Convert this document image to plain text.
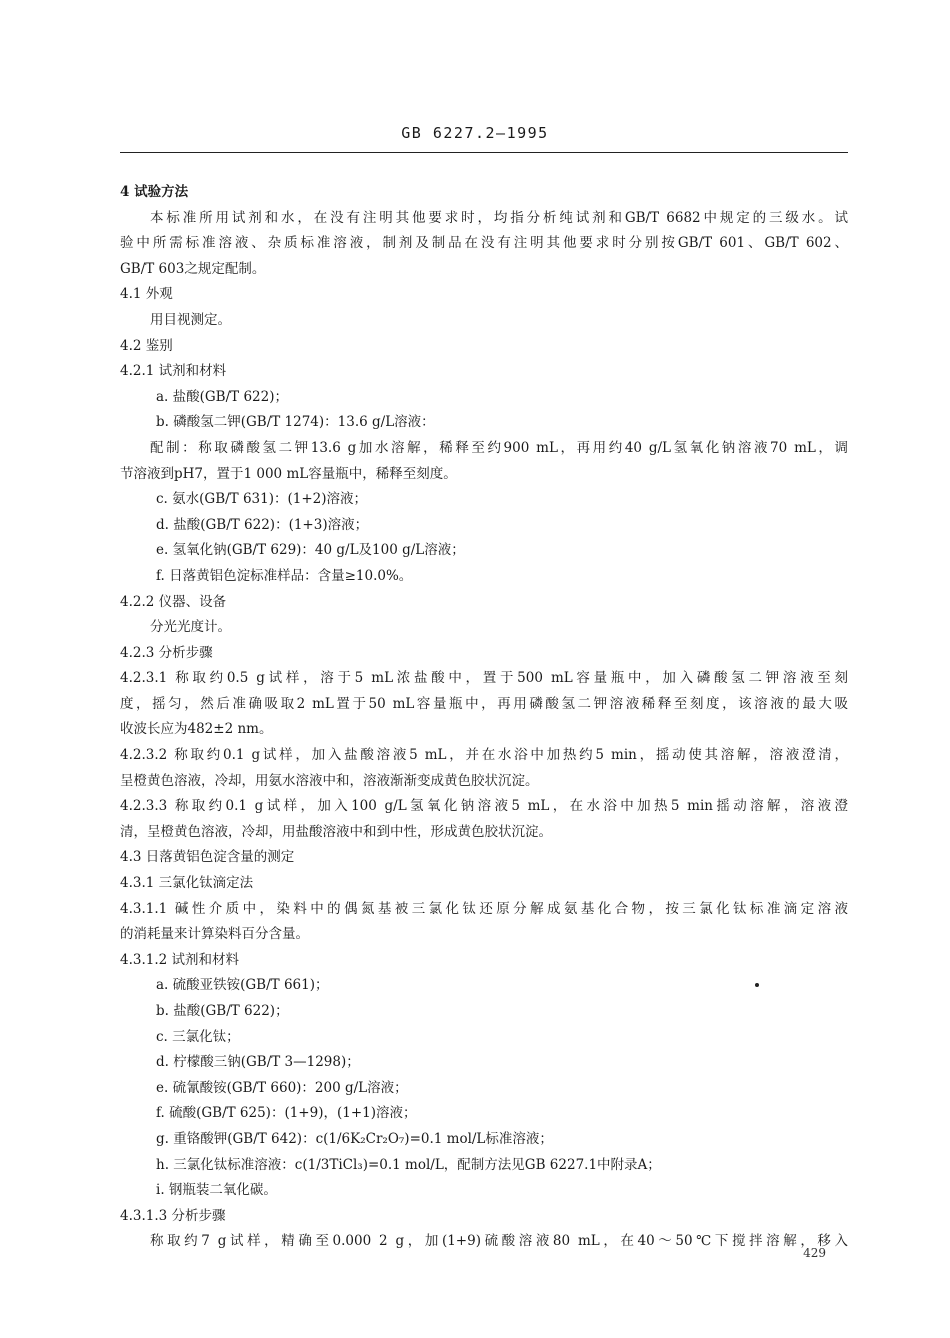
GB 6227.2—1995
4 试验方法
本标准所用试剂和水，在没有注明其他要求时，均指分析纯试剂和GB/T 6682中规定的三级水。试
验中所需标准溶液、杂质标准溶液，制剂及制品在没有注明其他要求时分别按GB/T 601、GB/T 602、
GB/T 603之规定配制。
4.1 外观
用目视测定。
4.2 鉴别
4.2.1 试剂和材料
a. 盐酸(GB/T 622)；
b. 磷酸氢二钾(GB/T 1274)：13.6 g/L溶液：
配制：称取磷酸氢二钾13.6 g加水溶解，稀释至约900 mL，再用约40 g/L氢氧化钠溶液70 mL，调
节溶液到pH7，置于1 000 mL容量瓶中，稀释至刻度。
c. 氨水(GB/T 631)：(1+2)溶液；
d. 盐酸(GB/T 622)：(1+3)溶液；
e. 氢氧化钠(GB/T 629)：40 g/L及100 g/L溶液；
f. 日落黄铝色淀标准样品：含量≥10.0%。
4.2.2 仪器、设备
分光光度计。
4.2.3 分析步骤
4.2.3.1 称取约0.5 g试样，溶于5 mL浓盐酸中，置于500 mL容量瓶中，加入磷酸氢二钾溶液至刻
度，摇匀，然后准确吸取2 mL置于50 mL容量瓶中，再用磷酸氢二钾溶液稀释至刻度，该溶液的最大吸
收波长应为482±2 nm。
4.2.3.2 称取约0.1 g试样，加入盐酸溶液5 mL，并在水浴中加热约5 min，摇动使其溶解，溶液澄清，
呈橙黄色溶液，冷却，用氨水溶液中和，溶液渐渐变成黄色胶状沉淀。
4.2.3.3 称取约0.1 g试样，加入100 g/L氢氧化钠溶液5 mL，在水浴中加热5 min摇动溶解，溶液澄
清，呈橙黄色溶液，冷却，用盐酸溶液中和到中性，形成黄色胶状沉淀。
4.3 日落黄铝色淀含量的测定
4.3.1 三氯化钛滴定法
4.3.1.1 碱性介质中，染料中的偶氮基被三氯化钛还原分解成氨基化合物，按三氯化钛标准滴定溶液
的消耗量来计算染料百分含量。
4.3.1.2 试剂和材料
a. 硫酸亚铁铵(GB/T 661)；
b. 盐酸(GB/T 622)；
c. 三氯化钛；
d. 柠檬酸三钠(GB/T 3—1298)；
e. 硫氰酸铵(GB/T 660)：200 g/L溶液；
f. 硫酸(GB/T 625)：(1+9)，(1+1)溶液；
g. 重铬酸钾(GB/T 642)：c(1/6K₂Cr₂O₇)=0.1 mol/L标准溶液；
h. 三氯化钛标准溶液：c(1/3TiCl₃)=0.1 mol/L，配制方法见GB 6227.1中附录A；
i. 钢瓶装二氧化碳。
4.3.1.3 分析步骤
称取约7 g试样，精确至0.000 2 g，加(1+9)硫酸溶液80 mL，在40～50℃下搅拌溶解，移入
429
